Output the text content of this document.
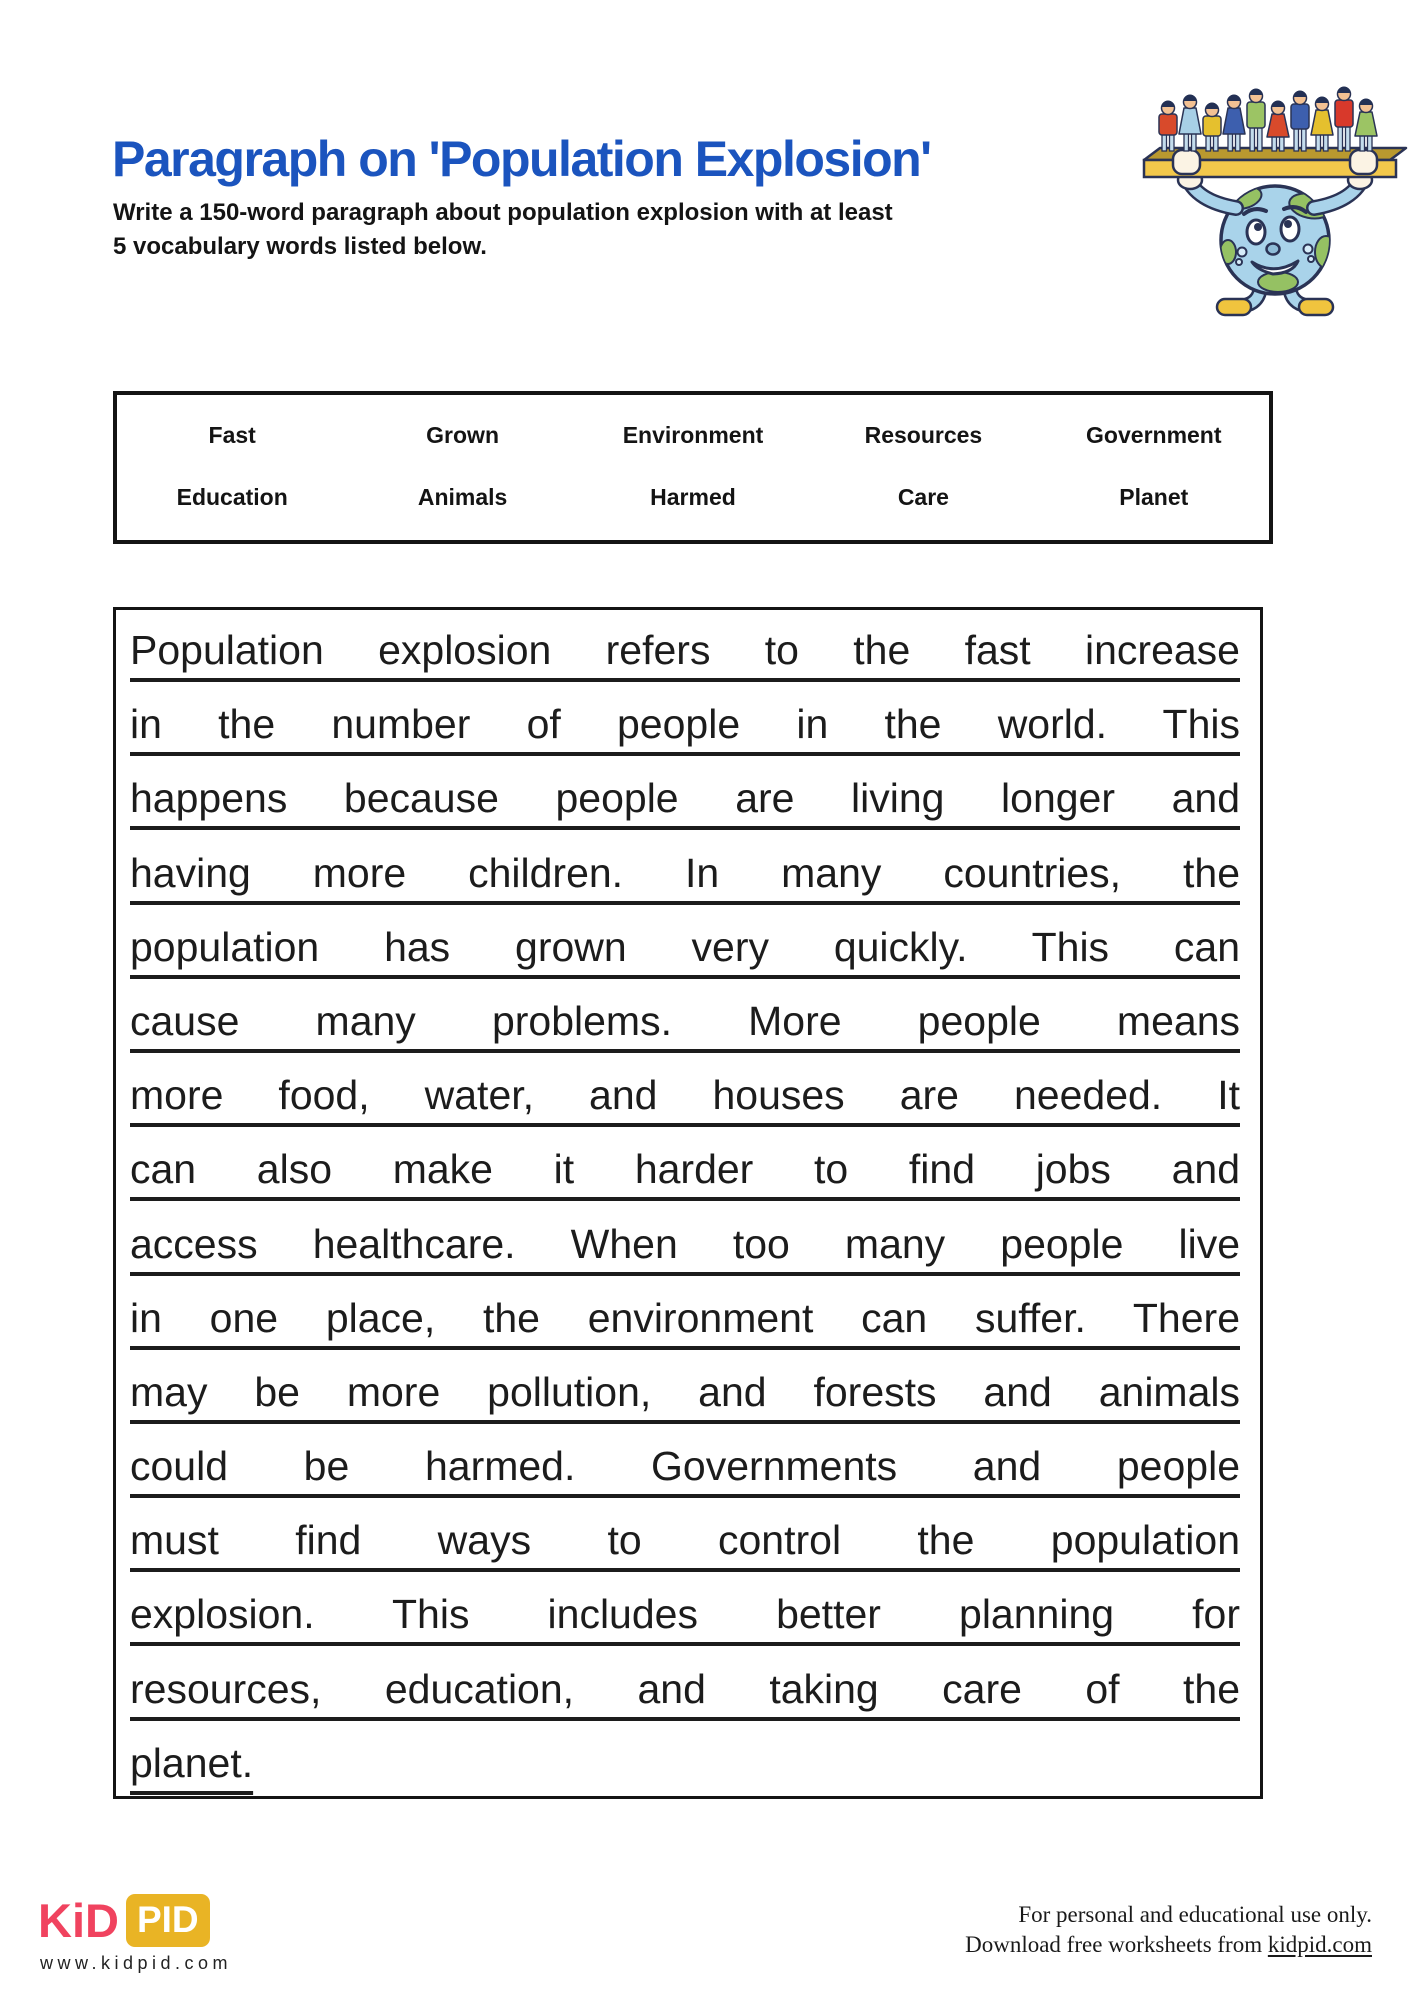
Paragraph on 'Population Explosion'
Write a 150-word paragraph about population explosion with at least
5 vocabulary words listed below.
Fast	Grown	Environment	Resources	Government
Education	Animals	Harmed	Care	Planet
Population explosion refers to the fast increase
in the number of people in the world. This
happens because people are living longer and
having more children. In many countries, the
population has grown very quickly. This can
cause many problems. More people means
more food, water, and houses are needed. It
can also make it harder to find jobs and
access healthcare. When too many people live
in one place, the environment can suffer. There
may be more pollution, and forests and animals
could be harmed. Governments and people
must find ways to control the population
explosion. This includes better planning for
resources, education, and taking care of the
planet.
KiD PID
www.kidpid.com
For personal and educational use only.
Download free worksheets from kidpid.com
